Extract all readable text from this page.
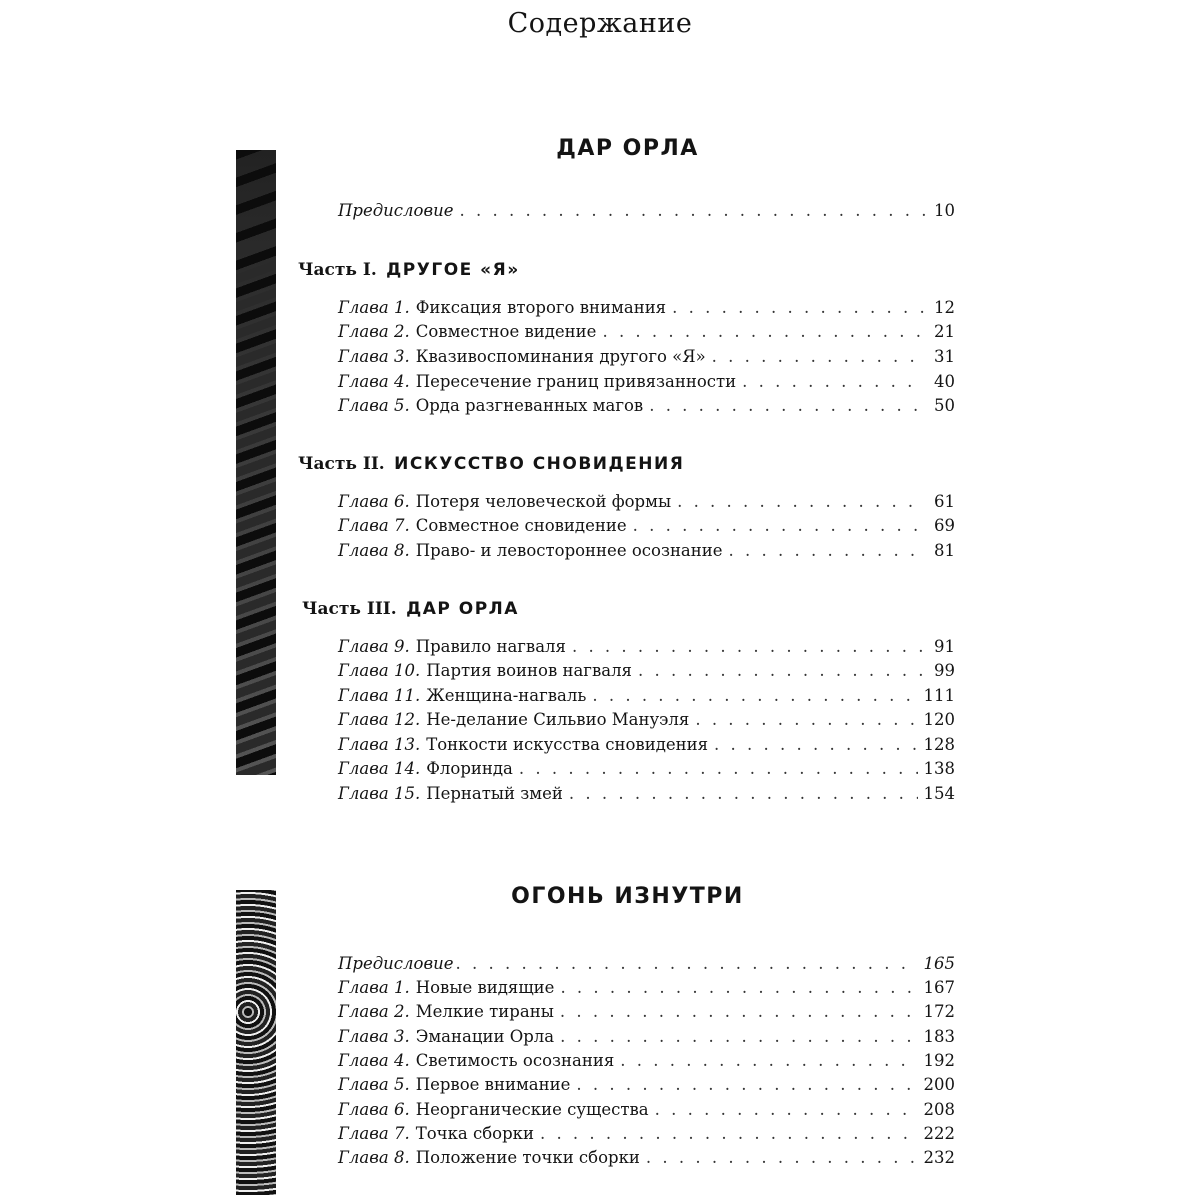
Содержание
ДАР ОРЛА
Предисловие . . .	10
Часть I. ДРУГОЕ «Я»
Глава 1. Фиксация второго внимания . . .	12
Глава 2. Совместное видение . . .	21
Глава 3. Квазивоспоминания другого «Я» . . .	31
Глава 4. Пересечение границ привязанности . . .	40
Глава 5. Орда разгневанных магов . . .	50
Часть II. ИСКУССТВО СНОВИДЕНИЯ
Глава 6. Потеря человеческой формы . . .	61
Глава 7. Совместное сновидение . . .	69
Глава 8. Право- и левостороннее осознание . . .	81
Часть III. ДАР ОРЛА
Глава 9. Правило нагваля . . .	91
Глава 10. Партия воинов нагваля . . .	99
Глава 11. Женщина-нагваль . . .	111
Глава 12. Не-делание Сильвио Мануэля . . .	120
Глава 13. Тонкости искусства сновидения . . .	128
Глава 14. Флоринда . . .	138
Глава 15. Пернатый змей . . .	154
ОГОНЬ ИЗНУТРИ
Предисловие . . .	165
Глава 1. Новые видящие . . .	167
Глава 2. Мелкие тираны . . .	172
Глава 3. Эманации Орла . . .	183
Глава 4. Светимость осознания . . .	192
Глава 5. Первое внимание . . .	200
Глава 6. Неорганические существа . . .	208
Глава 7. Точка сборки . . .	222
Глава 8. Положение точки сборки . . .	232
